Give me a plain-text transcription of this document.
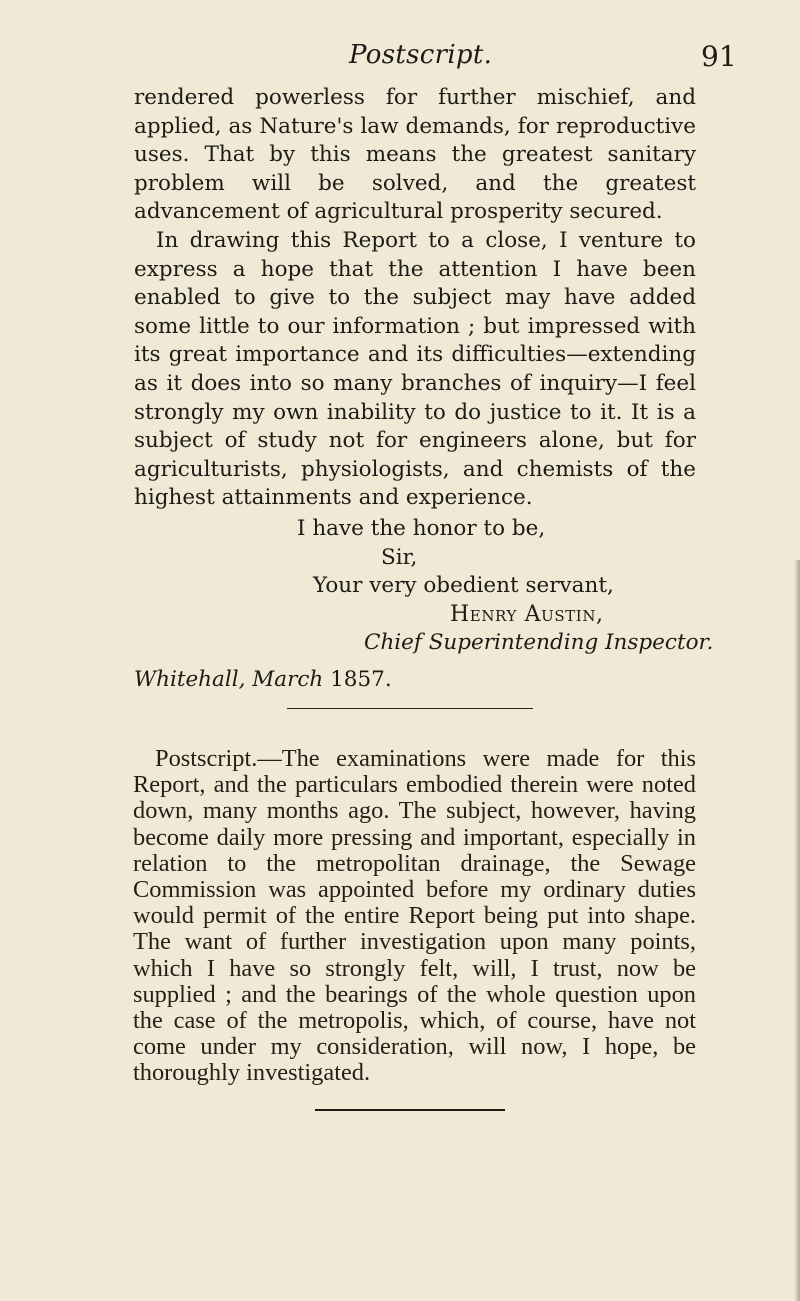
Postscript.	91

rendered powerless for further mischief, and applied, as Nature's law demands, for reproductive uses. That by this means the greatest sanitary problem will be solved, and the greatest advancement of agricultural prosperity secured.

In drawing this Report to a close, I venture to express a hope that the attention I have been enabled to give to the subject may have added some little to our information ; but impressed with its great importance and its difficulties—extending as it does into so many branches of inquiry—I feel strongly my own inability to do justice to it. It is a subject of study not for engineers alone, but for agriculturists, physiologists, and chemists of the highest attainments and experience.

I have the honor to be,
Sir,
Your very obedient servant,
Henry Austin,
Chief Superintending Inspector.
Whitehall, March 1857.

Postscript.—The examinations were made for this Report, and the particulars embodied therein were noted down, many months ago. The subject, however, having become daily more pressing and important, especially in relation to the metropolitan drainage, the Sewage Commission was appointed before my ordinary duties would permit of the entire Report being put into shape. The want of further investigation upon many points, which I have so strongly felt, will, I trust, now be supplied ; and the bearings of the whole question upon the case of the metropolis, which, of course, have not come under my consideration, will now, I hope, be thoroughly investigated.
